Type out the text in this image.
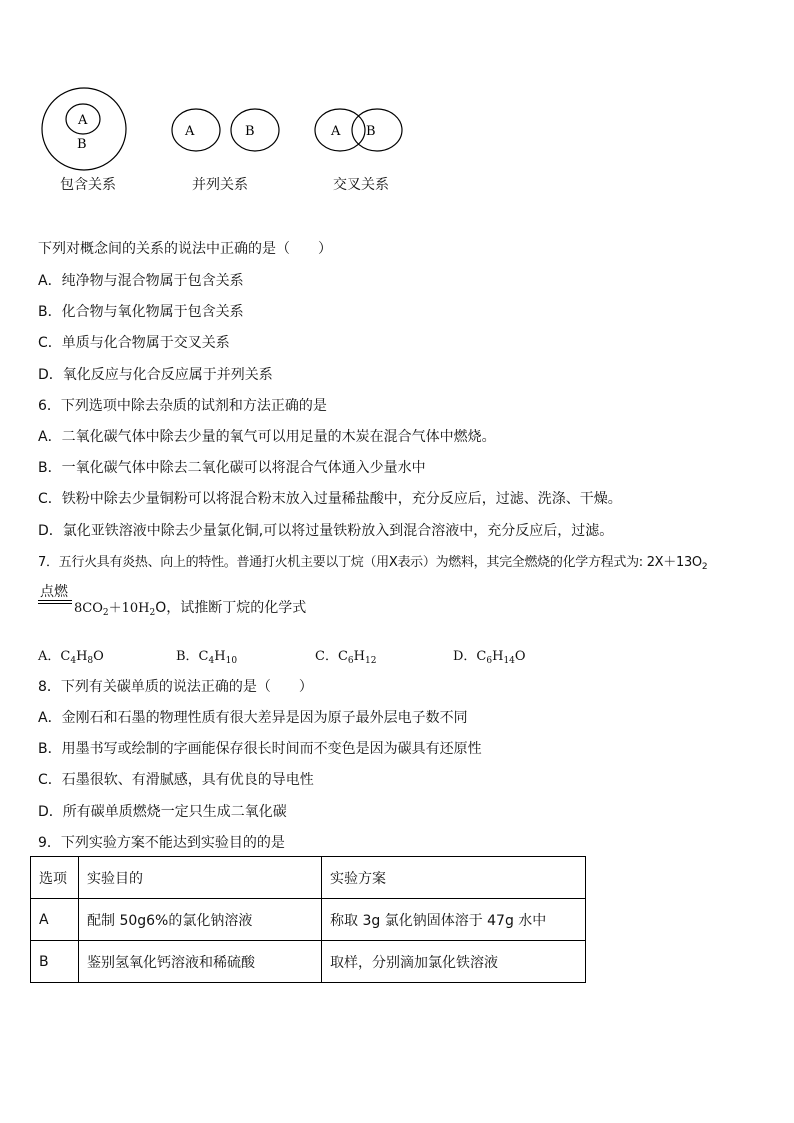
A
B
A	B	A B
包含关系	并列关系	交叉关系
下列对概念间的关系的说法中正确的是（　　）
A．纯净物与混合物属于包含关系
B．化合物与氧化物属于包含关系
C．单质与化合物属于交叉关系
D．氧化反应与化合反应属于并列关系
6．下列选项中除去杂质的试剂和方法正确的是
A．二氧化碳气体中除去少量的氧气可以用足量的木炭在混合气体中燃烧。
B．一氧化碳气体中除去二氧化碳可以将混合气体通入少量水中
C．铁粉中除去少量铜粉可以将混合粉末放入过量稀盐酸中，充分反应后，过滤、洗涤、干燥。
D．氯化亚铁溶液中除去少量氯化铜,可以将过量铁粉放入到混合溶液中，充分反应后，过滤。
7．五行火具有炎热、向上的特性。普通打火机主要以丁烷（用X表示）为燃料，其完全燃烧的化学方程式为: $2X+13O_2$
点燃
$8CO_2+10H_2O$，试推断丁烷的化学式
A．$C_4H_8O$	B．$C_4H_{10}$	C．$C_6H_{12}$	D．$C_6H_{14}O$
8．下列有关碳单质的说法正确的是（　　）
A．金刚石和石墨的物理性质有很大差异是因为原子最外层电子数不同
B．用墨书写或绘制的字画能保存很长时间而不变色是因为碳具有还原性
C．石墨很软、有滑腻感，具有优良的导电性
D．所有碳单质燃烧一定只生成二氧化碳
9．下列实验方案不能达到实验目的的是
选项	实验目的	实验方案
A	配制 50g6%的氯化钠溶液	称取 3g 氯化钠固体溶于 47g 水中
B	鉴别氢氧化钙溶液和稀硫酸	取样，分别滴加氯化铁溶液
